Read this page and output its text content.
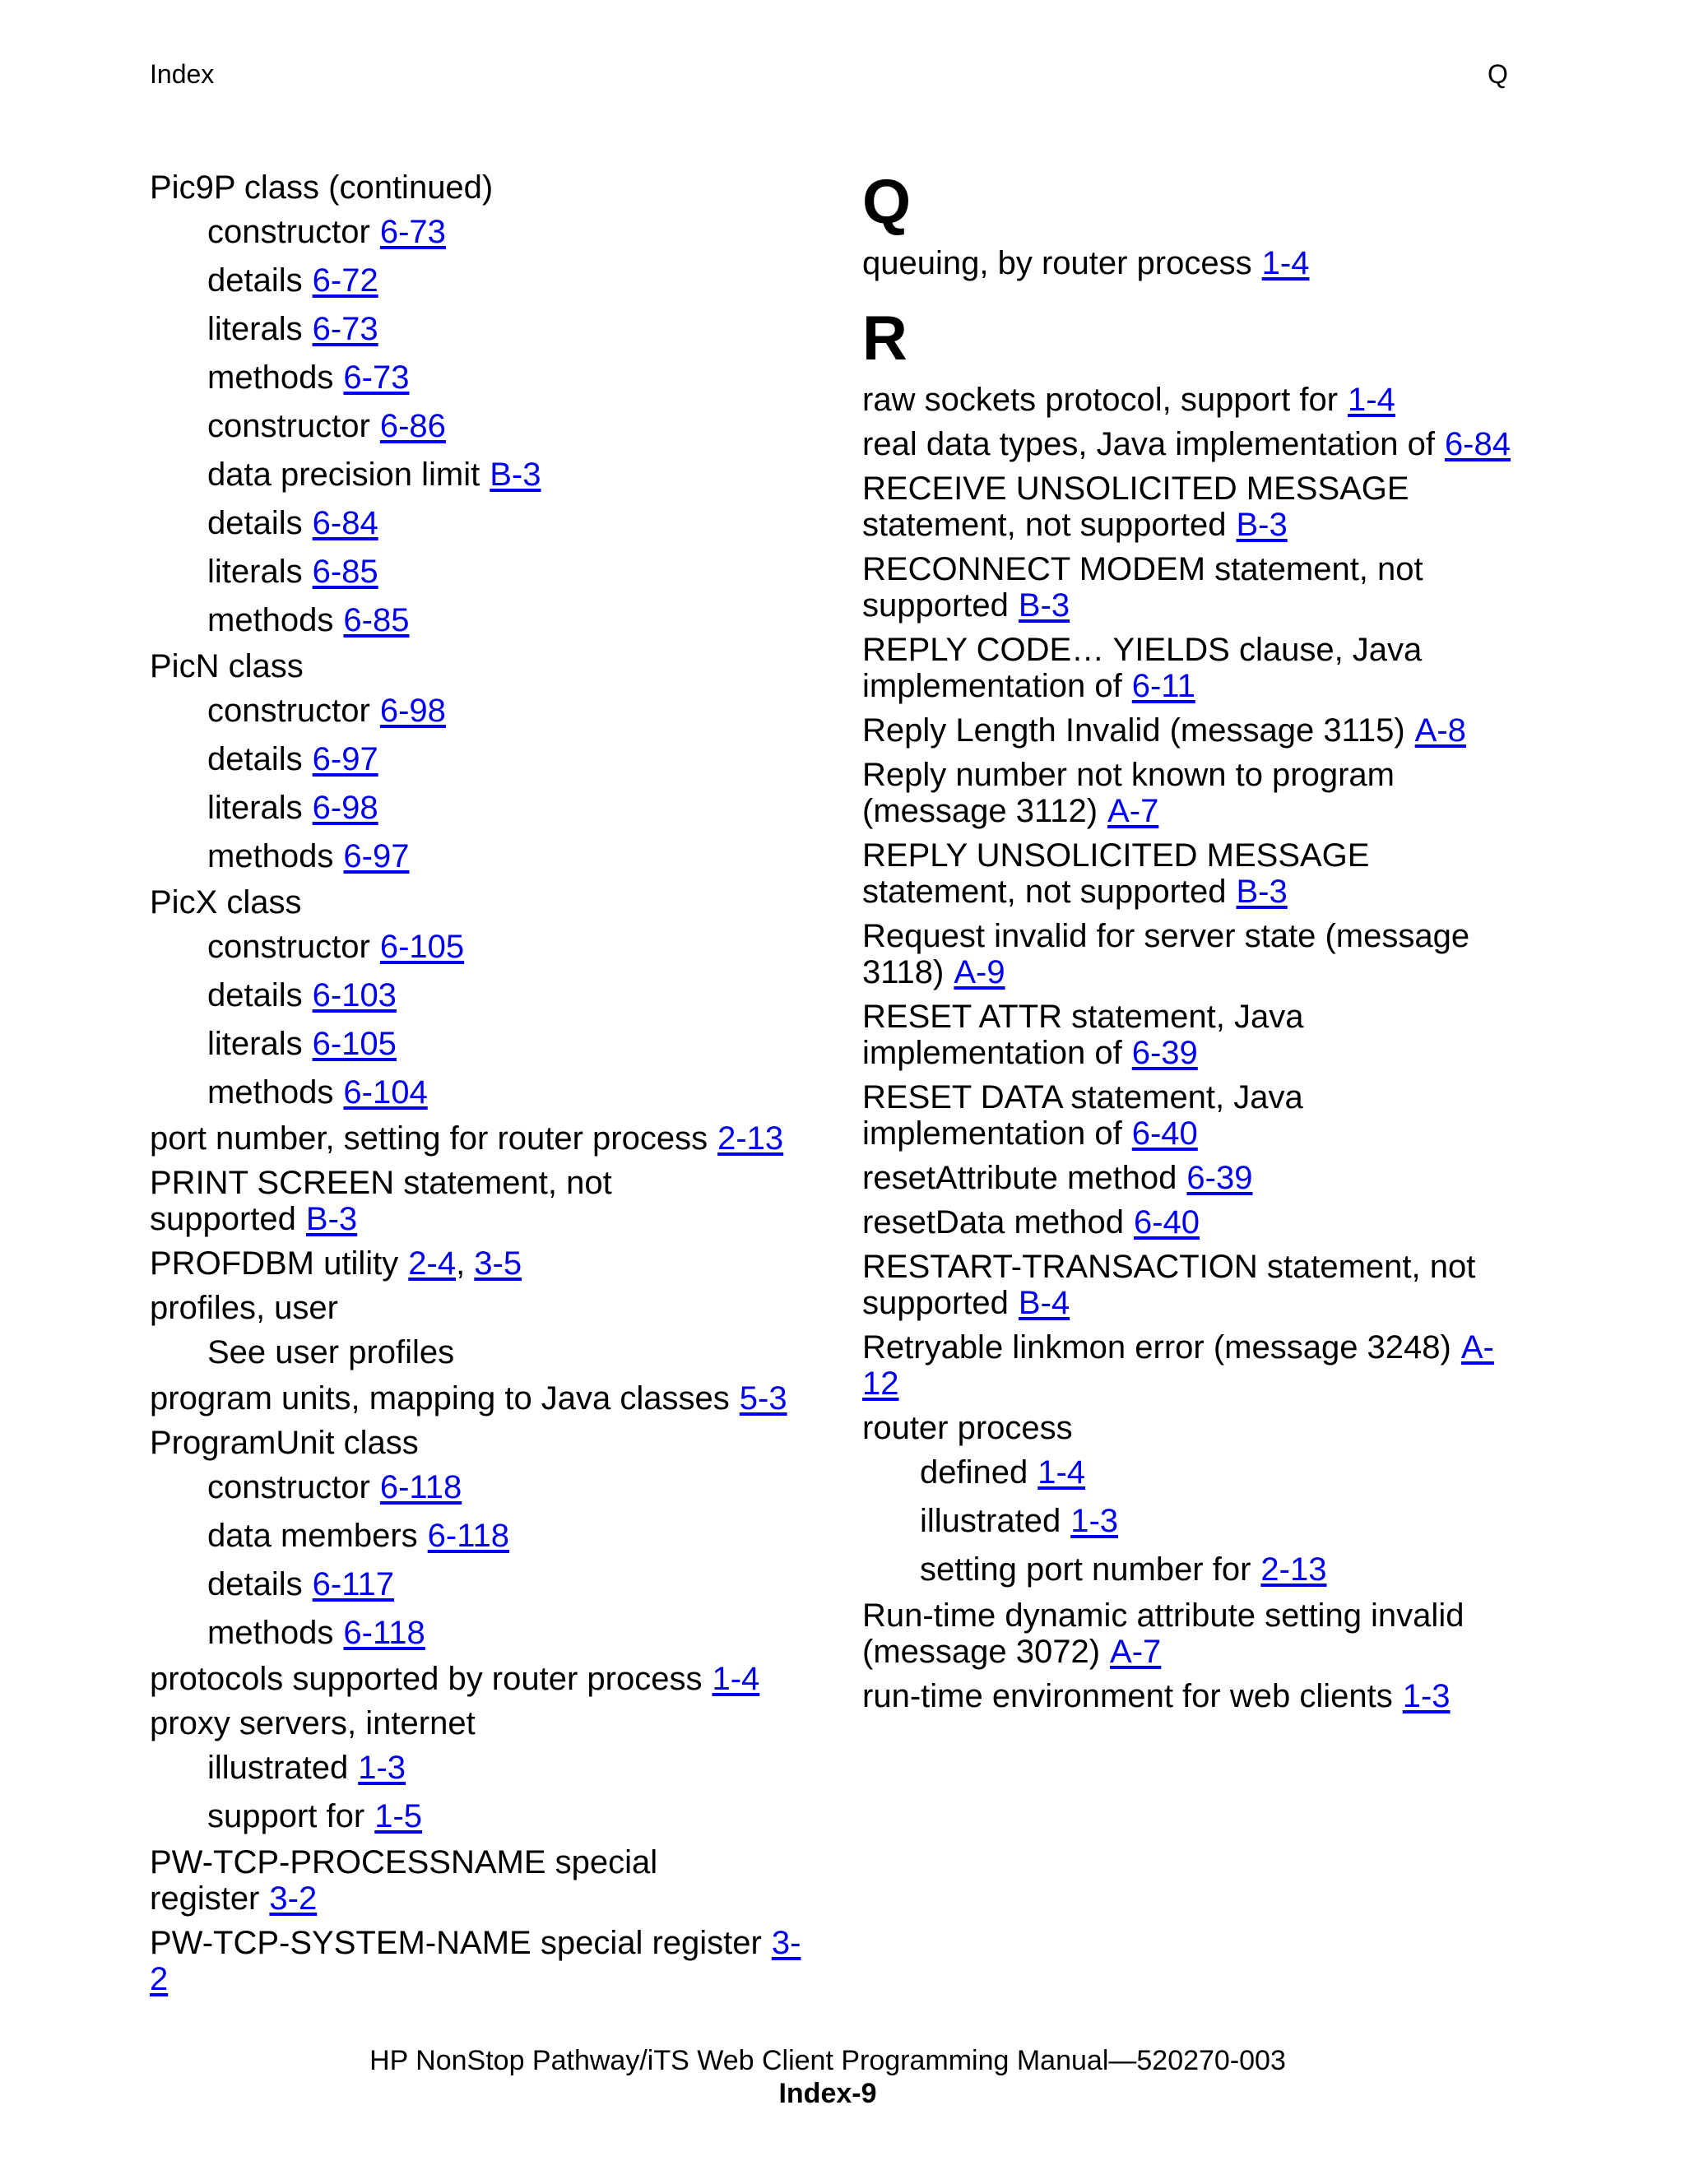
Index	Q
Pic9P class (continued)
constructor 6-73
details 6-72
literals 6-73
methods 6-73
constructor 6-86
data precision limit B-3
details 6-84
literals 6-85
methods 6-85
PicN class
constructor 6-98
details 6-97
literals 6-98
methods 6-97
PicX class
constructor 6-105
details 6-103
literals 6-105
methods 6-104
port number, setting for router process 2-13
PRINT SCREEN statement, not supported B-3
PROFDBM utility 2-4, 3-5
profiles, user
See user profiles
program units, mapping to Java classes 5-3
ProgramUnit class
constructor 6-118
data members 6-118
details 6-117
methods 6-118
protocols supported by router process 1-4
proxy servers, internet
illustrated 1-3
support for 1-5
PW-TCP-PROCESSNAME special register 3-2
PW-TCP-SYSTEM-NAME special register 3-2
Q
queuing, by router process 1-4
R
raw sockets protocol, support for 1-4
real data types, Java implementation of 6-84
RECEIVE UNSOLICITED MESSAGE statement, not supported B-3
RECONNECT MODEM statement, not supported B-3
REPLY CODE… YIELDS clause, Java implementation of 6-11
Reply Length Invalid (message 3115) A-8
Reply number not known to program (message 3112) A-7
REPLY UNSOLICITED MESSAGE statement, not supported B-3
Request invalid for server state (message 3118) A-9
RESET ATTR statement, Java implementation of 6-39
RESET DATA statement, Java implementation of 6-40
resetAttribute method 6-39
resetData method 6-40
RESTART-TRANSACTION statement, not supported B-4
Retryable linkmon error (message 3248) A-12
router process
defined 1-4
illustrated 1-3
setting port number for 2-13
Run-time dynamic attribute setting invalid (message 3072) A-7
run-time environment for web clients 1-3
HP NonStop Pathway/iTS Web Client Programming Manual—520270-003
Index-9
